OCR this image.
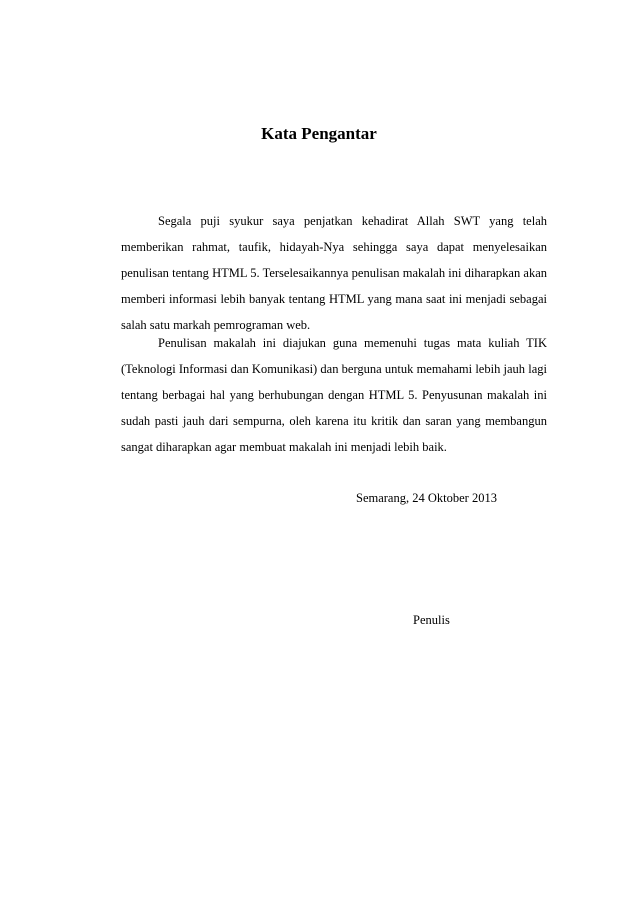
Kata Pengantar

Segala puji syukur saya penjatkan kehadirat Allah SWT yang telah memberikan rahmat, taufik, hidayah-Nya sehingga saya dapat menyelesaikan penulisan tentang HTML 5. Terselesaikannya penulisan makalah ini diharapkan akan memberi informasi lebih banyak tentang HTML yang mana saat ini menjadi sebagai salah satu markah pemrograman web.

Penulisan makalah ini diajukan guna memenuhi tugas mata kuliah TIK (Teknologi Informasi dan Komunikasi) dan berguna untuk memahami lebih jauh lagi tentang berbagai hal yang berhubungan dengan HTML 5. Penyusunan makalah ini sudah pasti jauh dari sempurna, oleh karena itu kritik dan saran yang membangun sangat diharapkan agar membuat makalah ini menjadi lebih baik.

Semarang, 24 Oktober 2013

Penulis
